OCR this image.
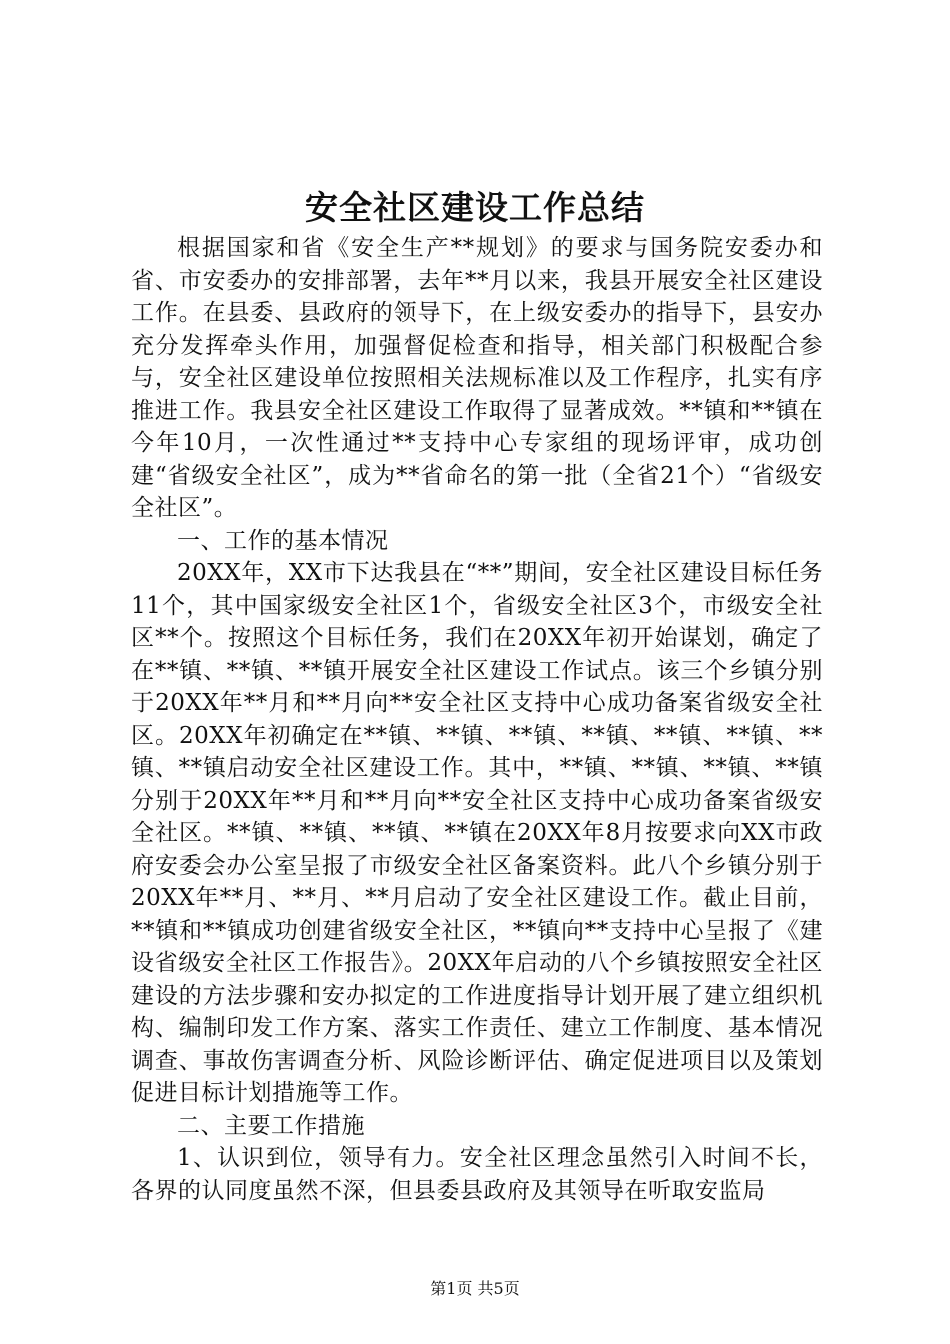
安全社区建设工作总结

根据国家和省《安全生产**规划》的要求与国务院安委办和省、市安委办的安排部署，去年**月以来，我县开展安全社区建设工作。在县委、县政府的领导下，在上级安委办的指导下，县安办充分发挥牵头作用，加强督促检查和指导，相关部门积极配合参与，安全社区建设单位按照相关法规标准以及工作程序，扎实有序推进工作。我县安全社区建设工作取得了显著成效。**镇和**镇在今年10月，一次性通过**支持中心专家组的现场评审，成功创建“省级安全社区”，成为**省命名的第一批（全省21个）“省级安全社区”。

一、工作的基本情况

20XX年，XX市下达我县在“**”期间，安全社区建设目标任务11个，其中国家级安全社区1个，省级安全社区3个，市级安全社区**个。按照这个目标任务，我们在20XX年初开始谋划，确定了在**镇、**镇、**镇开展安全社区建设工作试点。该三个乡镇分别于20XX年**月和**月向**安全社区支持中心成功备案省级安全社区。20XX年初确定在**镇、**镇、**镇、**镇、**镇、**镇、**镇、**镇启动安全社区建设工作。其中，**镇、**镇、**镇、**镇分别于20XX年**月和**月向**安全社区支持中心成功备案省级安全社区。**镇、**镇、**镇、**镇在20XX年8月按要求向XX市政府安委会办公室呈报了市级安全社区备案资料。此八个乡镇分别于20XX年**月、**月、**月启动了安全社区建设工作。截止目前，**镇和**镇成功创建省级安全社区，**镇向**支持中心呈报了《建设省级安全社区工作报告》。20XX年启动的八个乡镇按照安全社区建设的方法步骤和安办拟定的工作进度指导计划开展了建立组织机构、编制印发工作方案、落实工作责任、建立工作制度、基本情况调查、事故伤害调查分析、风险诊断评估、确定促进项目以及策划促进目标计划措施等工作。

二、主要工作措施

1、认识到位，领导有力。安全社区理念虽然引入时间不长，各界的认同度虽然不深，但县委县政府及其领导在听取安监局

第1页 共5页
